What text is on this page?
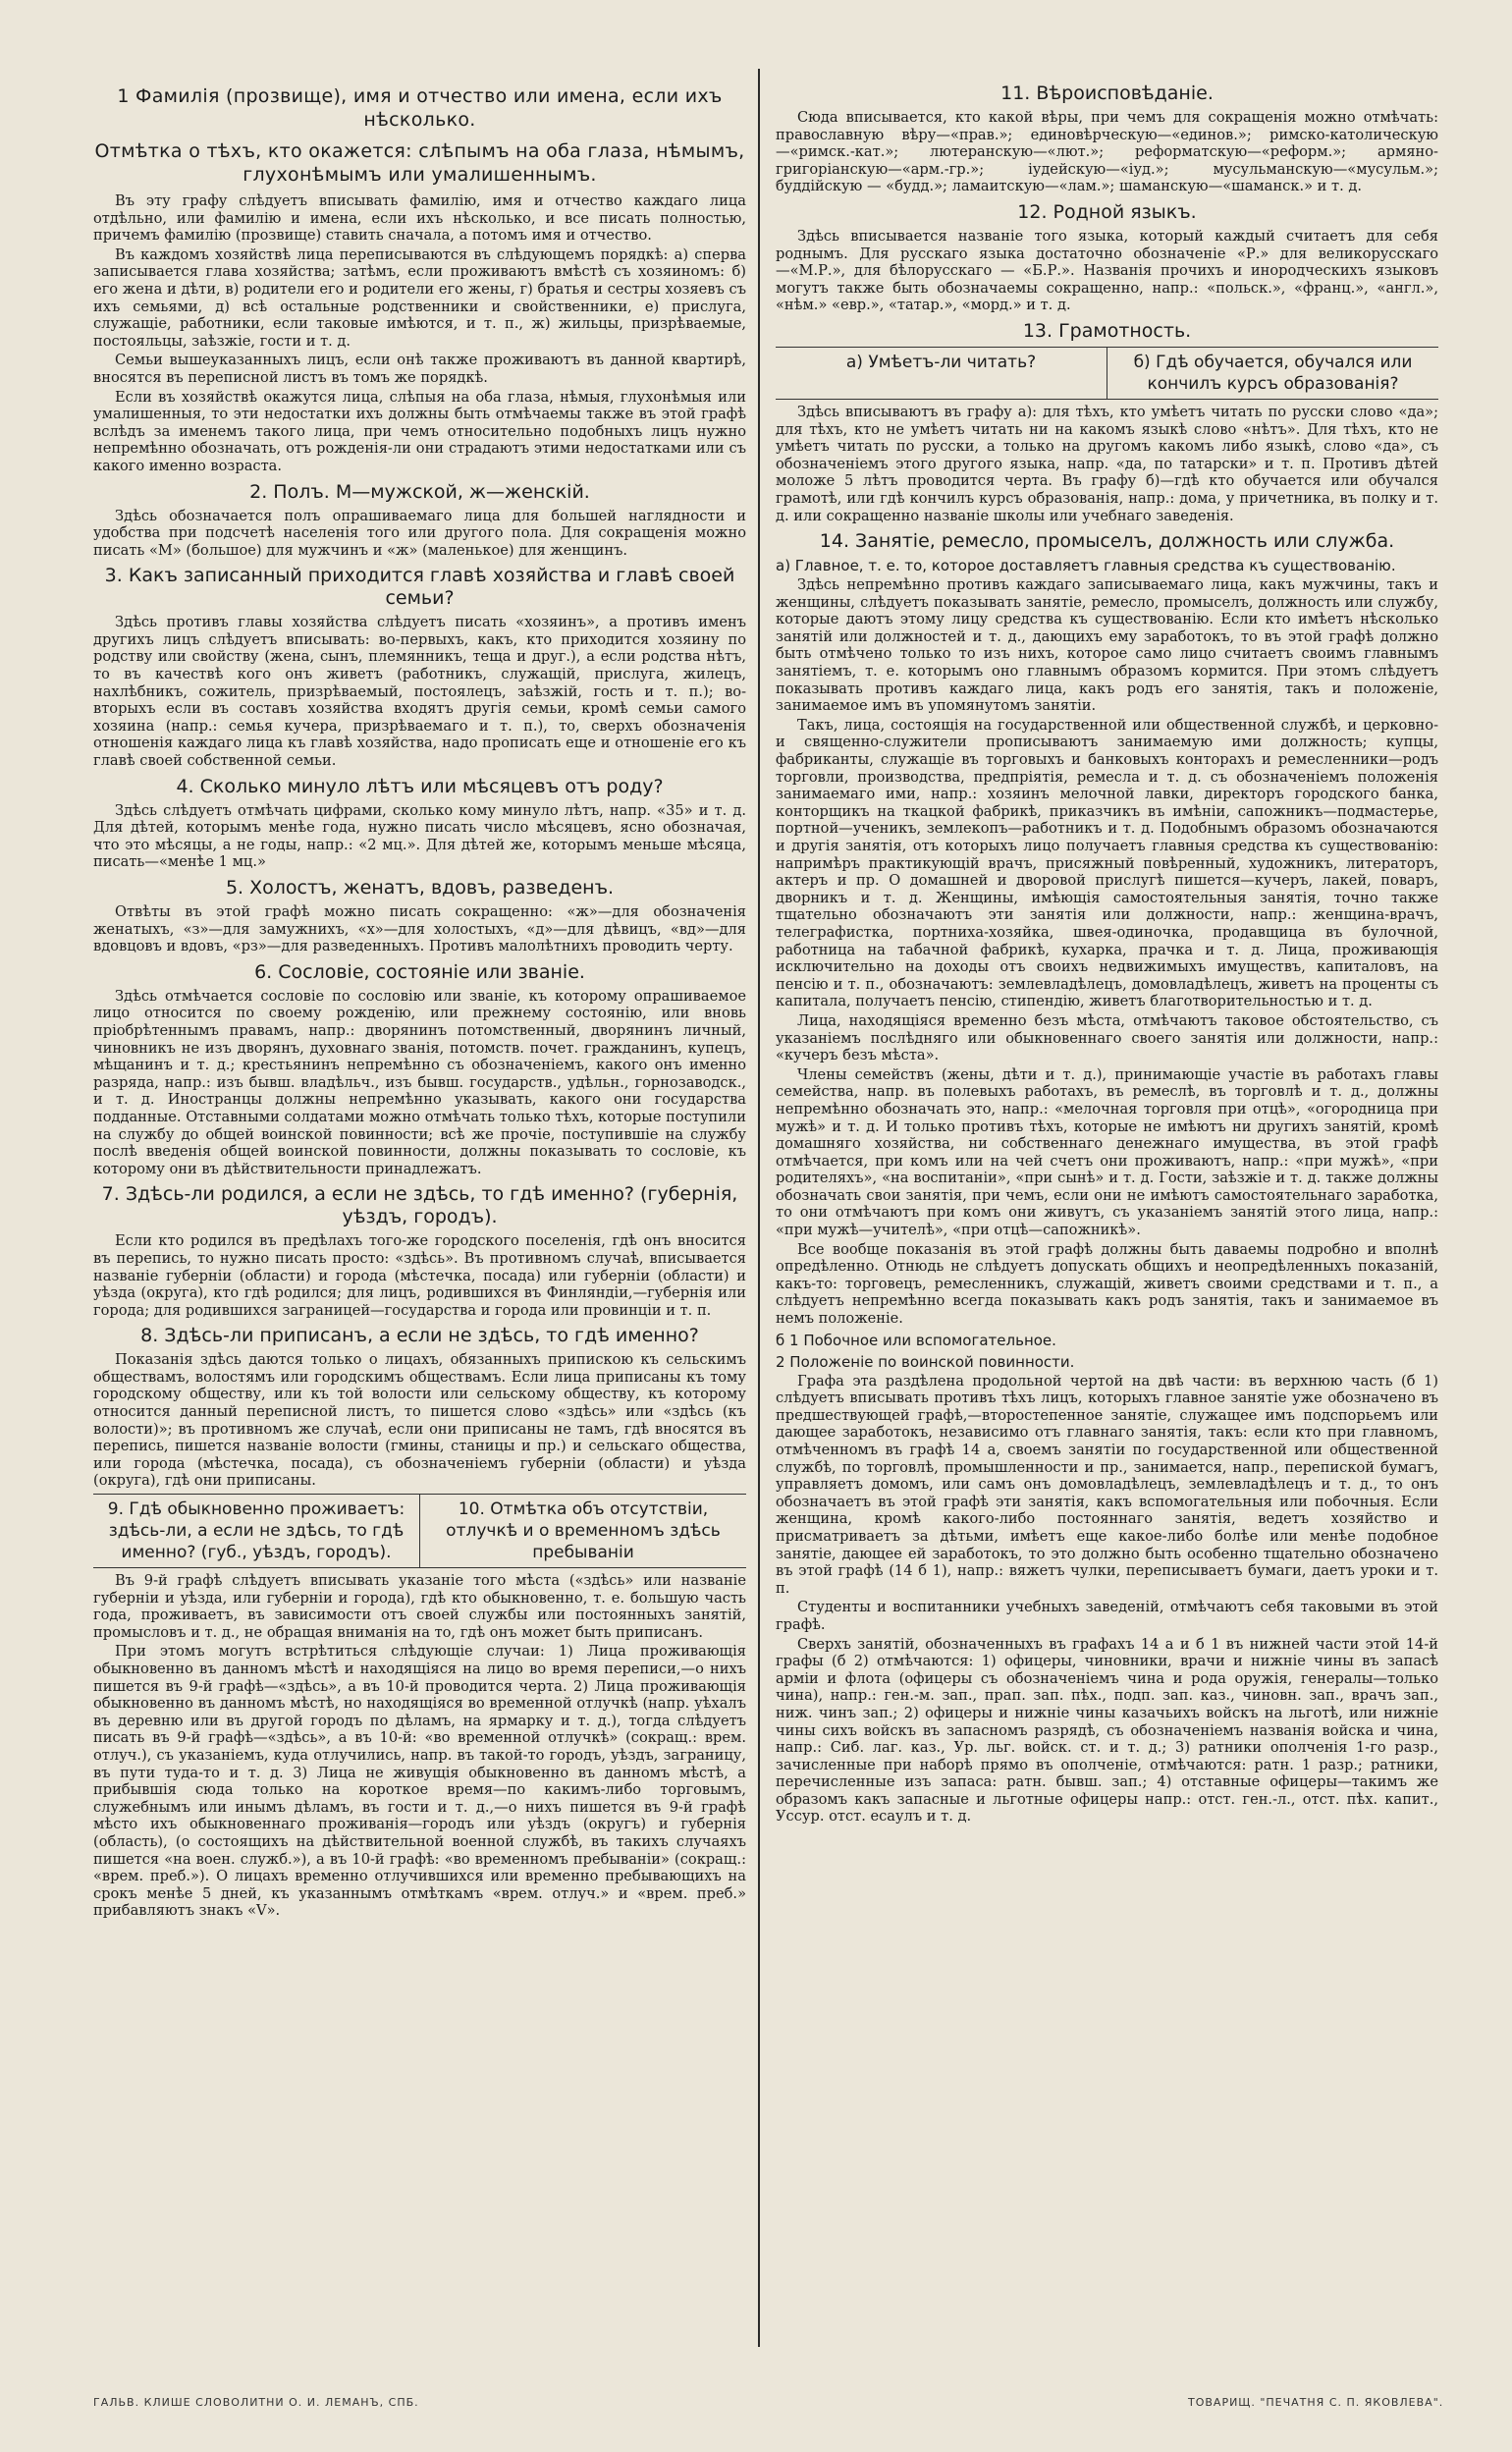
1 Фамилія (прозвище), имя и отчество или имена, если ихъ нѣсколько.
Отмѣтка о тѣхъ, кто окажется: слѣпымъ на оба глаза, нѣмымъ, глухонѣмымъ или умалишеннымъ.

Въ эту графу слѣдуетъ вписывать фамилію, имя и отчество каждаго лица отдѣльно, или фамилію и имена, если ихъ нѣсколько, и все писать полностью, причемъ фамилію (прозвище) ставить сначала, а потомъ имя и отчество.

Въ каждомъ хозяйствѣ лица переписываются въ слѣдующемъ порядкѣ: а) сперва записывается глава хозяйства; затѣмъ, если проживаютъ вмѣстѣ съ хозяиномъ: б) его жена и дѣти, в) родители его и родители его жены, г) братья и сестры хозяевъ съ ихъ семьями, д) всѣ остальные родственники и свойственники, е) прислуга, служащіе, работники, если таковые имѣются, и т. п., ж) жильцы, призрѣваемые, постояльцы, заѣзжіе, гости и т. д.

Семьи вышеуказанныхъ лицъ, если онѣ также проживаютъ въ данной квартирѣ, вносятся въ переписной листъ въ томъ же порядкѣ.

Если въ хозяйствѣ окажутся лица, слѣпыя на оба глаза, нѣмыя, глухонѣмыя или умалишенныя, то эти недостатки ихъ должны быть отмѣчаемы также въ этой графѣ вслѣдъ за именемъ такого лица, при чемъ относительно подобныхъ лицъ нужно непремѣнно обозначать, отъ рожденія-ли они страдаютъ этими недостатками или съ какого именно возраста.

2. Полъ. М—мужской, ж—женскій.

Здѣсь обозначается полъ опрашиваемаго лица для большей наглядности и удобства при подсчетѣ населенія того или другого пола. Для сокращенія можно писать «М» (большое) для мужчинъ и «ж» (маленькое) для женщинъ.

3. Какъ записанный приходится главѣ хозяйства и главѣ своей семьи?

Здѣсь противъ главы хозяйства слѣдуетъ писать «хозяинъ», а противъ именъ другихъ лицъ слѣдуетъ вписывать: во-первыхъ, какъ, кто приходится хозяину по родству или свойству (жена, сынъ, племянникъ, теща и друг.), а если родства нѣтъ, то въ качествѣ кого онъ живетъ (работникъ, служащій, прислуга, жилецъ, нахлѣбникъ, сожитель, призрѣваемый, постоялецъ, заѣзжій, гость и т. п.); во-вторыхъ если въ составъ хозяйства входятъ другія семьи, кромѣ семьи самого хозяина (напр.: семья кучера, призрѣваемаго и т. п.), то, сверхъ обозначенія отношенія каждаго лица къ главѣ хозяйства, надо прописать еще и отношеніе его къ главѣ своей собственной семьи.

4. Сколько минуло лѣтъ или мѣсяцевъ отъ роду?

Здѣсь слѣдуетъ отмѣчать цифрами, сколько кому минуло лѣтъ, напр. «35» и т. д. Для дѣтей, которымъ менѣе года, нужно писать число мѣсяцевъ, ясно обозначая, что это мѣсяцы, а не годы, напр.: «2 мц.». Для дѣтей же, которымъ меньше мѣсяца, писать—«менѣе 1 мц.»

5. Холостъ, женатъ, вдовъ, разведенъ.

Отвѣты въ этой графѣ можно писать сокращенно: «ж»—для обозначенія женатыхъ, «з»—для замужнихъ, «х»—для холостыхъ, «д»—для дѣвицъ, «вд»—для вдовцовъ и вдовъ, «рз»—для разведенныхъ. Противъ малолѣтнихъ проводить черту.

6. Сословіе, состояніе или званіе.

Здѣсь отмѣчается сословіе по сословію или званіе, къ которому опрашиваемое лицо относится по своему рожденію, или прежнему состоянію, или вновь пріобрѣтеннымъ правамъ, напр.: дворянинъ потомственный, дворянинъ личный, чиновникъ не изъ дворянъ, духовнаго званія, потомств. почет. гражданинъ, купецъ, мѣщанинъ и т. д.; крестьянинъ непремѣнно съ обозначеніемъ, какого онъ именно разряда, напр.: изъ бывш. владѣльч., изъ бывш. государств., удѣльн., горнозаводск., и т. д. Иностранцы должны непремѣнно указывать, какого они государства подданные. Отставными солдатами можно отмѣчать только тѣхъ, которые поступили на службу до общей воинской повинности; всѣ же прочіе, поступившіе на службу послѣ введенія общей воинской повинности, должны показывать то сословіе, къ которому они въ дѣйствительности принадлежатъ.

7. Здѣсь-ли родился, а если не здѣсь, то гдѣ именно? (губернія, уѣздъ, городъ).

Если кто родился въ предѣлахъ того-же городского поселенія, гдѣ онъ вносится въ перепись, то нужно писать просто: «здѣсь». Въ противномъ случаѣ, вписывается названіе губерніи (области) и города (мѣстечка, посада) или губерніи (области) и уѣзда (округа), кто гдѣ родился; для лицъ, родившихся въ Финляндіи,—губернія или города; для родившихся заграницей—государства и города или провинціи и т. п.

8. Здѣсь-ли приписанъ, а если не здѣсь, то гдѣ именно?

Показанія здѣсь даются только о лицахъ, обязанныхъ припискою къ сельскимъ обществамъ, волостямъ или городскимъ обществамъ. Если лица приписаны къ тому городскому обществу, или къ той волости или сельскому обществу, къ которому относится данный переписной листъ, то пишется слово «здѣсь» или «здѣсь (къ волости)»; въ противномъ же случаѣ, если они приписаны не тамъ, гдѣ вносятся въ перепись, пишется названіе волости (гмины, станицы и пр.) и сельскаго общества, или города (мѣстечка, посада), съ обозначеніемъ губерніи (области) и уѣзда (округа), гдѣ они приписаны.

9. Гдѣ обыкновенно проживаетъ: здѣсь-ли, а если не здѣсь, то гдѣ именно? (губ., уѣздъ, городъ).
10. Отмѣтка объ отсутствіи, отлучкѣ и о временномъ здѣсь пребываніи

Въ 9-й графѣ слѣдуетъ вписывать указаніе того мѣста («здѣсь» или названіе губерніи и уѣзда, или губерніи и города), гдѣ кто обыкновенно, т. е. большую часть года, проживаетъ, въ зависимости отъ своей службы или постоянныхъ занятій, промысловъ и т. д., не обращая вниманія на то, гдѣ онъ может быть приписанъ.

При этомъ могутъ встрѣтиться слѣдующіе случаи: 1) Лица проживающія обыкновенно въ данномъ мѣстѣ и находящіяся на лицо во время переписи,—о нихъ пишется въ 9-й графѣ—«здѣсь», а въ 10-й проводится черта. 2) Лица проживающія обыкновенно въ данномъ мѣстѣ, но находящіяся во временной отлучкѣ (напр. уѣхалъ въ деревню или въ другой городъ по дѣламъ, на ярмарку и т. д.), тогда слѣдуетъ писать въ 9-й графѣ—«здѣсь», а въ 10-й: «во временной отлучкѣ» (сокращ.: врем. отлуч.), съ указаніемъ, куда отлучились, напр. въ такой-то городъ, уѣздъ, заграницу, въ пути туда-то и т. д. 3) Лица не живущія обыкновенно въ данномъ мѣстѣ, а прибывшія сюда только на короткое время—по какимъ-либо торговымъ, служебнымъ или инымъ дѣламъ, въ гости и т. д.,—о нихъ пишется въ 9-й графѣ мѣсто ихъ обыкновеннаго проживанія—городъ или уѣздъ (округъ) и губернія (область), (о состоящихъ на дѣйствительной военной службѣ, въ такихъ случаяхъ пишется «на воен. служб.»), а въ 10-й графѣ: «во временномъ пребываніи» (сокращ.: «врем. преб.»). О лицахъ временно отлучившихся или временно пребывающихъ на срокъ менѣе 5 дней, къ указаннымъ отмѣткамъ «врем. отлуч.» и «врем. преб.» прибавляютъ знакъ «V».

11. Вѣроисповѣданіе.

Сюда вписывается, кто какой вѣры, при чемъ для сокращенія можно отмѣчать: православную вѣру—«прав.»; единовѣрческую—«единов.»; римско-католическую—«римск.-кат.»; лютеранскую—«лют.»; реформатскую—«реформ.»; армяно-григоріанскую—«арм.-гр.»; іудейскую—«іуд.»; мусульманскую—«мусульм.»; буддійскую — «будд.»; ламаитскую—«лам.»; шаманскую—«шаманск.» и т. д.

12. Родной языкъ.

Здѣсь вписывается названіе того языка, который каждый считаетъ для себя роднымъ. Для русскаго языка достаточно обозначеніе «Р.» для великорусскаго—«М.Р.», для бѣлорусскаго — «Б.Р.». Названія прочихъ и инородческихъ языковъ могутъ также быть обозначаемы сокращенно, напр.: «польск.», «франц.», «англ.», «нѣм.» «евр.», «татар.», «морд.» и т. д.

13. Грамотность.
а) Умѣетъ-ли читать?	б) Гдѣ обучается, обучался или кончилъ курсъ образованія?

Здѣсь вписываютъ въ графу а): для тѣхъ, кто умѣетъ читать по русски слово «да»; для тѣхъ, кто не умѣетъ читать ни на какомъ языкѣ слово «нѣтъ». Для тѣхъ, кто не умѣетъ читать по русски, а только на другомъ какомъ либо языкѣ, слово «да», съ обозначеніемъ этого другого языка, напр. «да, по татарски» и т. п. Противъ дѣтей моложе 5 лѣтъ проводится черта. Въ графу б)—гдѣ кто обучается или обучался грамотѣ, или гдѣ кончилъ курсъ образованія, напр.: дома, у причетника, въ полку и т. д. или сокращенно названіе школы или учебнаго заведенія.

14. Занятіе, ремесло, промыселъ, должность или служба.
а) Главное, т. е. то, которое доставляетъ главныя средства къ существованію.

Здѣсь непремѣнно противъ каждаго записываемаго лица, какъ мужчины, такъ и женщины, слѣдуетъ показывать занятіе, ремесло, промыселъ, должность или службу, которые даютъ этому лицу средства къ существованію. Если кто имѣетъ нѣсколько занятій или должностей и т. д., дающихъ ему заработокъ, то въ этой графѣ должно быть отмѣчено только то изъ нихъ, которое само лицо считаетъ своимъ главнымъ занятіемъ, т. е. которымъ оно главнымъ образомъ кормится. При этомъ слѣдуетъ показывать противъ каждаго лица, какъ родъ его занятія, такъ и положеніе, занимаемое имъ въ упомянутомъ занятіи.

Такъ, лица, состоящія на государственной или общественной службѣ, и церковно- и священно-служители прописываютъ занимаемую ими должность; купцы, фабриканты, служащіе въ торговыхъ и банковыхъ конторахъ и ремесленники—родъ торговли, производства, предпріятія, ремесла и т. д. съ обозначеніемъ положенія занимаемаго ими, напр.: хозяинъ мелочной лавки, директоръ городского банка, конторщикъ на ткацкой фабрикѣ, приказчикъ въ имѣніи, сапожникъ—подмастерье, портной—ученикъ, землекопъ—работникъ и т. д. Подобнымъ образомъ обозначаются и другія занятія, отъ которыхъ лицо получаетъ главныя средства къ существованію: напримѣръ практикующій врачъ, присяжный повѣренный, художникъ, литераторъ, актеръ и пр. О домашней и дворовой прислугѣ пишется—кучеръ, лакей, поваръ, дворникъ и т. д. Женщины, имѣющія самостоятельныя занятія, точно также тщательно обозначаютъ эти занятія или должности, напр.: женщина-врачъ, телеграфистка, портниха-хозяйка, швея-одиночка, продавщица въ булочной, работница на табачной фабрикѣ, кухарка, прачка и т. д. Лица, проживающія исключительно на доходы отъ своихъ недвижимыхъ имуществъ, капиталовъ, на пенсію и т. п., обозначаютъ: землевладѣлецъ, домовладѣлецъ, живетъ на проценты съ капитала, получаетъ пенсію, стипендію, живетъ благотворительностью и т. д.

Лица, находящіяся временно безъ мѣста, отмѣчаютъ таковое обстоятельство, съ указаніемъ послѣдняго или обыкновеннаго своего занятія или должности, напр.: «кучеръ безъ мѣста».

Члены семействъ (жены, дѣти и т. д.), принимающіе участіе въ работахъ главы семейства, напр. въ полевыхъ работахъ, въ ремеслѣ, въ торговлѣ и т. д., должны непремѣнно обозначать это, напр.: «мелочная торговля при отцѣ», «огородница при мужѣ» и т. д. И только противъ тѣхъ, которые не имѣютъ ни другихъ занятій, кромѣ домашняго хозяйства, ни собственнаго денежнаго имущества, въ этой графѣ отмѣчается, при комъ или на чей счетъ они проживаютъ, напр.: «при мужѣ», «при родителяхъ», «на воспитаніи», «при сынѣ» и т. д. Гости, заѣзжіе и т. д. также должны обозначать свои занятія, при чемъ, если они не имѣютъ самостоятельнаго заработка, то они отмѣчаютъ при комъ они живутъ, съ указаніемъ занятій этого лица, напр.: «при мужѣ—учителѣ», «при отцѣ—сапожникѣ».

Все вообще показанія въ этой графѣ должны быть даваемы подробно и вполнѣ опредѣленно. Отнюдь не слѣдуетъ допускать общихъ и неопредѣленныхъ показаній, какъ-то: торговецъ, ремесленникъ, служащій, живетъ своими средствами и т. п., а слѣдуетъ непремѣнно всегда показывать какъ родъ занятія, такъ и занимаемое въ немъ положеніе.

б 1 Побочное или вспомогательное.
2 Положеніе по воинской повинности.

Графа эта раздѣлена продольной чертой на двѣ части: въ верхнюю часть (б 1) слѣдуетъ вписывать противъ тѣхъ лицъ, которыхъ главное занятіе уже обозначено въ предшествующей графѣ,—второстепенное занятіе, служащее имъ подспорьемъ или дающее заработокъ, независимо отъ главнаго занятія, такъ: если кто при главномъ, отмѣченномъ въ графѣ 14 а, своемъ занятіи по государственной или общественной службѣ, по торговлѣ, промышленности и пр., занимается, напр., перепиской бумагъ, управляетъ домомъ, или самъ онъ домовладѣлецъ, землевладѣлецъ и т. д., то онъ обозначаетъ въ этой графѣ эти занятія, какъ вспомогательныя или побочныя. Если женщина, кромѣ какого-либо постояннаго занятія, ведетъ хозяйство и присматриваетъ за дѣтьми, имѣетъ еще какое-либо болѣе или менѣе подобное занятіе, дающее ей заработокъ, то это должно быть особенно тщательно обозначено въ этой графѣ (14 б 1), напр.: вяжетъ чулки, переписываетъ бумаги, даетъ уроки и т. п.

Студенты и воспитанники учебныхъ заведеній, отмѣчаютъ себя таковыми въ этой графѣ.

Сверхъ занятій, обозначенныхъ въ графахъ 14 а и б 1 въ нижней части этой 14-й графы (б 2) отмѣчаются: 1) офицеры, чиновники, врачи и нижніе чины въ запасѣ арміи и флота (офицеры съ обозначеніемъ чина и рода оружія, генералы—только чина), напр.: ген.-м. зап., прап. зап. пѣх., подп. зап. каз., чиновн. зап., врачъ зап., ниж. чинъ зап.; 2) офицеры и нижніе чины казачьихъ войскъ на льготѣ, или нижніе чины сихъ войскъ въ запасномъ разрядѣ, съ обозначеніемъ названія войска и чина, напр.: Сиб. лаг. каз., Ур. льг. войск. ст. и т. д.; 3) ратники ополченія 1-го разр., зачисленные при наборѣ прямо въ ополченіе, отмѣчаются: ратн. 1 разр.; ратники, перечисленные изъ запаса: ратн. бывш. зап.; 4) отставные офицеры—такимъ же образомъ какъ запасные и льготные офицеры напр.: отст. ген.-л., отст. пѣх. капит., Уссур. отст. есаулъ и т. д.

ГАЛЬВ. КЛИШЕ СЛОВОЛИТНИ О. И. ЛЕМАНЪ, СПБ.	ТОВАРИЩ. "ПЕЧАТНЯ С. П. ЯКОВЛЕВА".
